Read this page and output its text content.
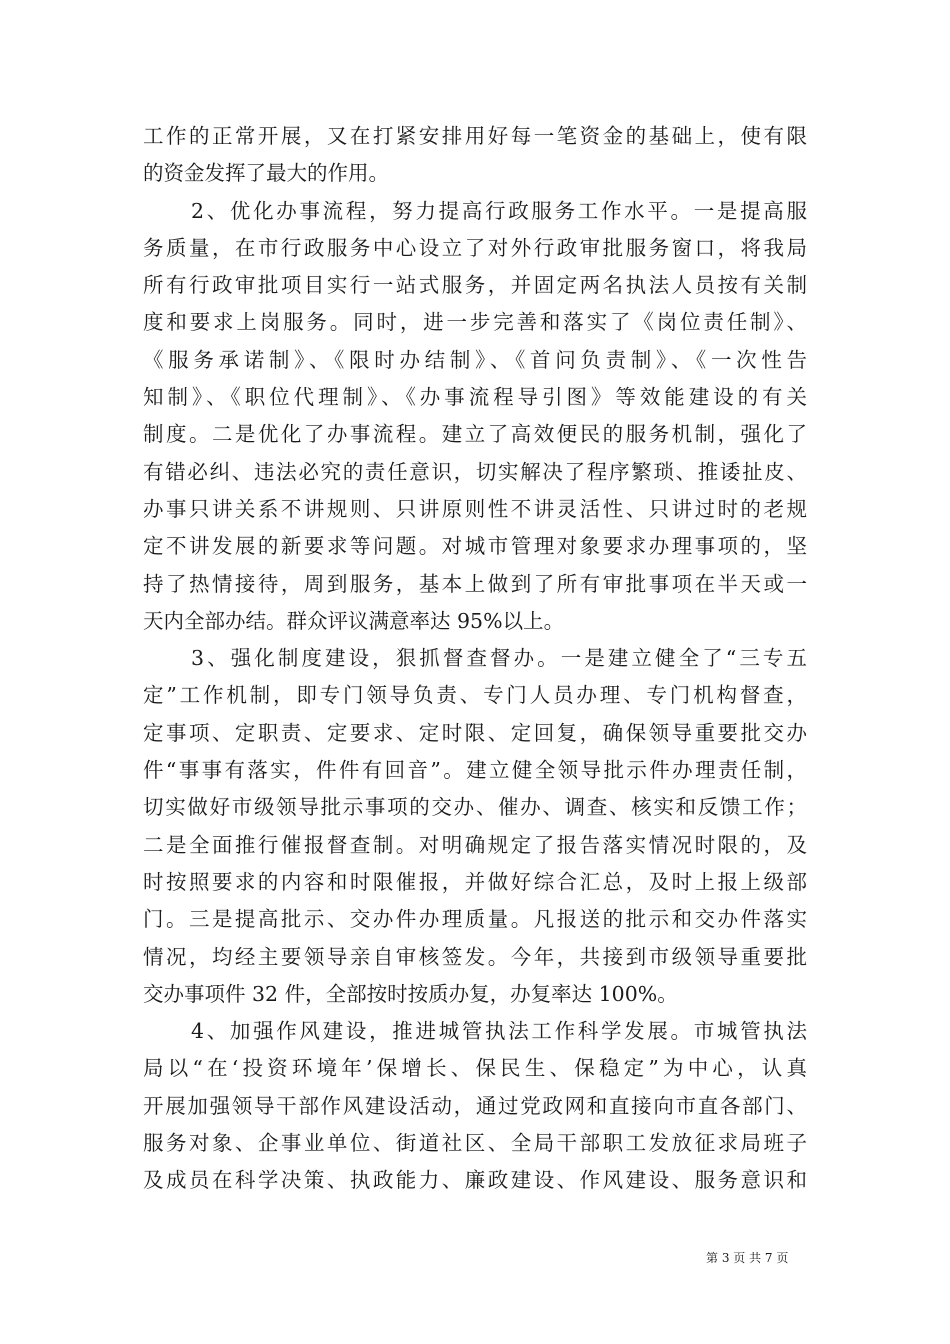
工作的正常开展，又在打紧安排用好每一笔资金的基础上，使有限
的资金发挥了最大的作用。
2、优化办事流程，努力提高行政服务工作水平。一是提高服
务质量，在市行政服务中心设立了对外行政审批服务窗口，将我局
所有行政审批项目实行一站式服务，并固定两名执法人员按有关制
度和要求上岗服务。同时，进一步完善和落实了《岗位责任制》、
《服务承诺制》、《限时办结制》、《首问负责制》、《一次性告
知制》、《职位代理制》、《办事流程导引图》等效能建设的有关
制度。二是优化了办事流程。建立了高效便民的服务机制，强化了
有错必纠、违法必究的责任意识，切实解决了程序繁琐、推诿扯皮、
办事只讲关系不讲规则、只讲原则性不讲灵活性、只讲过时的老规
定不讲发展的新要求等问题。对城市管理对象要求办理事项的，坚
持了热情接待，周到服务，基本上做到了所有审批事项在半天或一
天内全部办结。群众评议满意率达 95%以上。
3、强化制度建设，狠抓督查督办。一是建立健全了“三专五
定”工作机制，即专门领导负责、专门人员办理、专门机构督查，
定事项、定职责、定要求、定时限、定回复，确保领导重要批交办
件“事事有落实，件件有回音”。建立健全领导批示件办理责任制，
切实做好市级领导批示事项的交办、催办、调查、核实和反馈工作；
二是全面推行催报督查制。对明确规定了报告落实情况时限的，及
时按照要求的内容和时限催报，并做好综合汇总，及时上报上级部
门。三是提高批示、交办件办理质量。凡报送的批示和交办件落实
情况，均经主要领导亲自审核签发。今年，共接到市级领导重要批
交办事项件 32 件，全部按时按质办复，办复率达 100%。
4、加强作风建设，推进城管执法工作科学发展。市城管执法
局以“在‘投资环境年’保增长、保民生、保稳定”为中心，认真
开展加强领导干部作风建设活动，通过党政网和直接向市直各部门、
服务对象、企事业单位、街道社区、全局干部职工发放征求局班子
及成员在科学决策、执政能力、廉政建设、作风建设、服务意识和
第 3 页 共 7 页
